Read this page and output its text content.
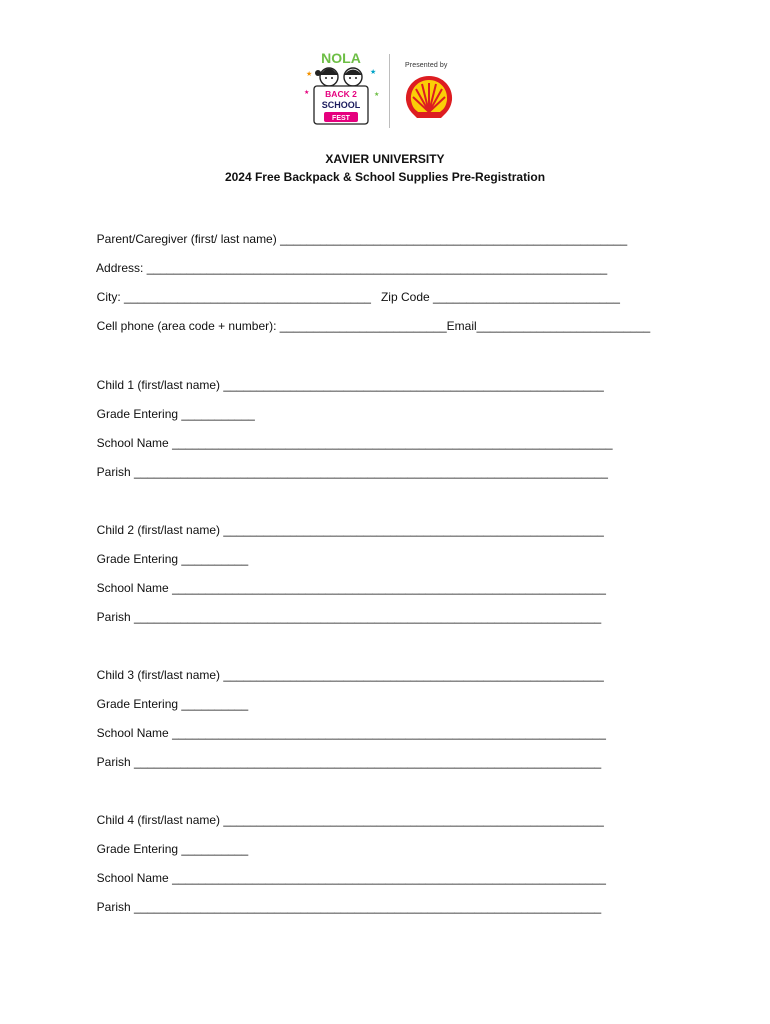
NOLA
★	★
★	★
BACK 2
SCHOOL
FEST
Presented by
XAVIER UNIVERSITY
2024 Free Backpack & School Supplies Pre-Registration

Parent/Caregiver (first/ last name) ____________________________________________________

Address: _____________________________________________________________________

City: _____________________________________ Zip Code ____________________________

Cell phone (area code + number): _________________________Email__________________________

Child 1 (first/last name) _________________________________________________________

Grade Entering ___________

School Name __________________________________________________________________

Parish _______________________________________________________________________

Child 2 (first/last name) _________________________________________________________

Grade Entering __________

School Name _________________________________________________________________

Parish ______________________________________________________________________

Child 3 (first/last name) _________________________________________________________

Grade Entering __________

School Name _________________________________________________________________

Parish ______________________________________________________________________

Child 4 (first/last name) _________________________________________________________

Grade Entering __________

School Name _________________________________________________________________

Parish ______________________________________________________________________
